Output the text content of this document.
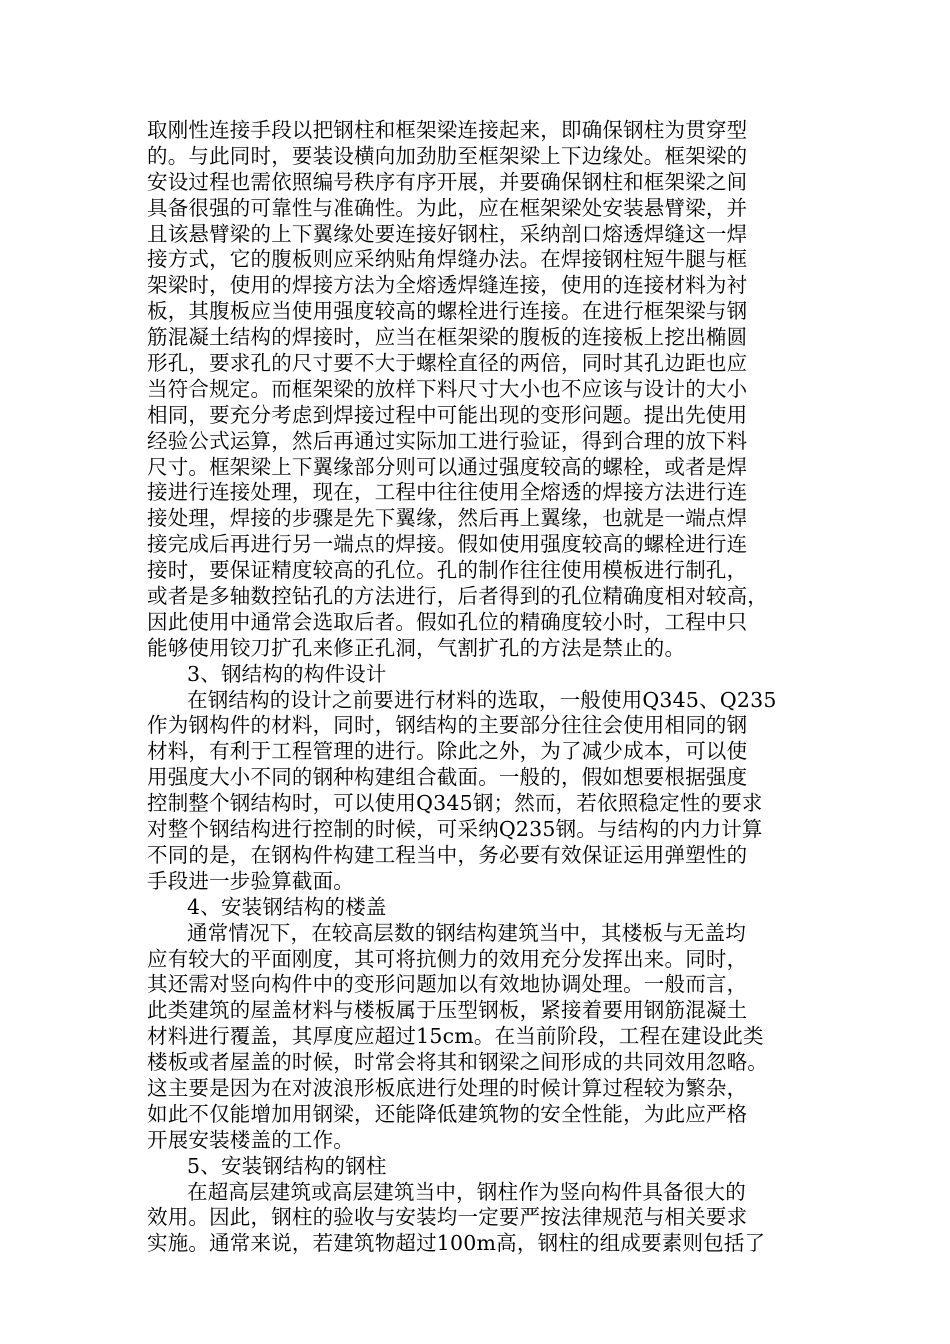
取刚性连接手段以把钢柱和框架梁连接起来，即确保钢柱为贯穿型
的。与此同时，要装设横向加劲肋至框架梁上下边缘处。框架梁的
安设过程也需依照编号秩序有序开展，并要确保钢柱和框架梁之间
具备很强的可靠性与准确性。为此，应在框架梁处安装悬臂梁，并
且该悬臂梁的上下翼缘处要连接好钢柱，采纳剖口熔透焊缝这一焊
接方式，它的腹板则应采纳贴角焊缝办法。在焊接钢柱短牛腿与框
架梁时，使用的焊接方法为全熔透焊缝连接，使用的连接材料为衬
板，其腹板应当使用强度较高的螺栓进行连接。在进行框架梁与钢
筋混凝土结构的焊接时，应当在框架梁的腹板的连接板上挖出椭圆
形孔，要求孔的尺寸要不大于螺栓直径的两倍，同时其孔边距也应
当符合规定。而框架梁的放样下料尺寸大小也不应该与设计的大小
相同，要充分考虑到焊接过程中可能出现的变形问题。提出先使用
经验公式运算，然后再通过实际加工进行验证，得到合理的放下料
尺寸。框架梁上下翼缘部分则可以通过强度较高的螺栓，或者是焊
接进行连接处理，现在，工程中往往使用全熔透的焊接方法进行连
接处理，焊接的步骤是先下翼缘，然后再上翼缘，也就是一端点焊
接完成后再进行另一端点的焊接。假如使用强度较高的螺栓进行连
接时，要保证精度较高的孔位。孔的制作往往使用模板进行制孔，
或者是多轴数控钻孔的方法进行，后者得到的孔位精确度相对较高，
因此使用中通常会选取后者。假如孔位的精确度较小时，工程中只
能够使用铰刀扩孔来修正孔洞，气割扩孔的方法是禁止的。
3、钢结构的构件设计
在钢结构的设计之前要进行材料的选取，一般使用Q345、Q235
作为钢构件的材料，同时，钢结构的主要部分往往会使用相同的钢
材料，有利于工程管理的进行。除此之外，为了减少成本，可以使
用强度大小不同的钢种构建组合截面。一般的，假如想要根据强度
控制整个钢结构时，可以使用Q345钢；然而，若依照稳定性的要求
对整个钢结构进行控制的时候，可采纳Q235钢。与结构的内力计算
不同的是，在钢构件构建工程当中，务必要有效保证运用弹塑性的
手段进一步验算截面。
4、安装钢结构的楼盖
通常情况下，在较高层数的钢结构建筑当中，其楼板与无盖均
应有较大的平面刚度，其可将抗侧力的效用充分发挥出来。同时，
其还需对竖向构件中的变形问题加以有效地协调处理。一般而言，
此类建筑的屋盖材料与楼板属于压型钢板，紧接着要用钢筋混凝土
材料进行覆盖，其厚度应超过15cm。在当前阶段，工程在建设此类
楼板或者屋盖的时候，时常会将其和钢梁之间形成的共同效用忽略。
这主要是因为在对波浪形板底进行处理的时候计算过程较为繁杂，
如此不仅能增加用钢梁，还能降低建筑物的安全性能，为此应严格
开展安装楼盖的工作。
5、安装钢结构的钢柱
在超高层建筑或高层建筑当中，钢柱作为竖向构件具备很大的
效用。因此，钢柱的验收与安装均一定要严按法律规范与相关要求
实施。通常来说，若建筑物超过100m高，钢柱的组成要素则包括了
